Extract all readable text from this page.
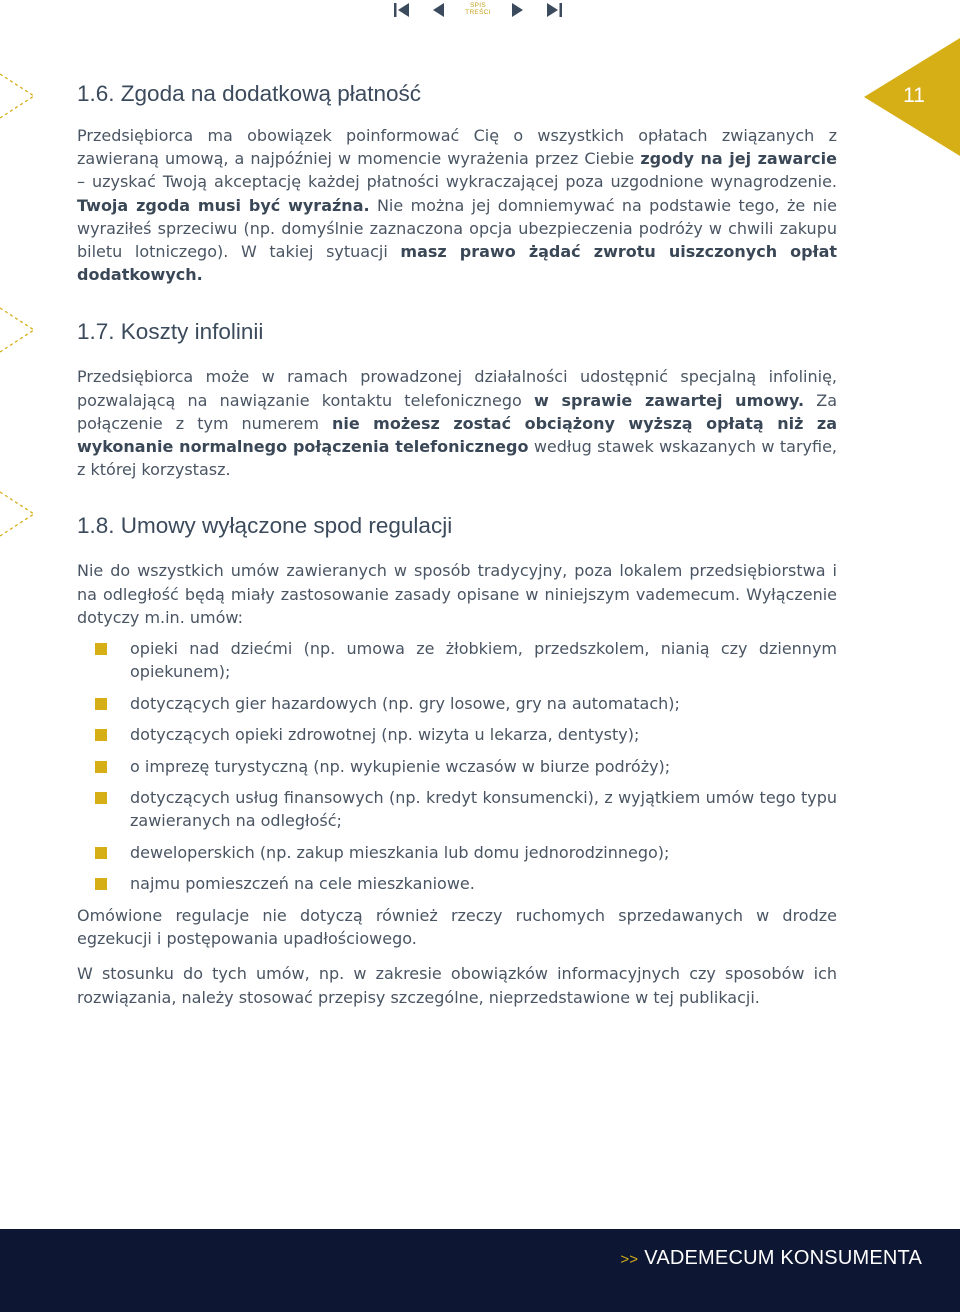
SPIS
TREŚCI
11
1.6. Zgoda na dodatkową płatność

Przedsiębiorca ma obowiązek poinformować Cię o wszystkich opłatach związanych z zawieraną umową, a najpóźniej w momencie wyrażenia przez Ciebie zgody na jej zawarcie – uzyskać Twoją akceptację każdej płatności wykraczającej poza uzgodnione wynagrodzenie. Twoja zgoda musi być wyraźna. Nie można jej domniemywać na podstawie tego, że nie wyraziłeś sprzeciwu (np. domyślnie zaznaczona opcja ubezpieczenia podróży w chwili zakupu biletu lotniczego). W takiej sytuacji masz prawo żądać zwrotu uiszczonych opłat dodatkowych.

1.7. Koszty infolinii

Przedsiębiorca może w ramach prowadzonej działalności udostępnić specjalną infolinię, pozwalającą na nawiązanie kontaktu telefonicznego w sprawie zawartej umowy. Za połączenie z tym numerem nie możesz zostać obciążony wyższą opłatą niż za wykonanie normalnego połączenia telefonicznego według stawek wskazanych w taryfie, z której korzystasz.

1.8. Umowy wyłączone spod regulacji

Nie do wszystkich umów zawieranych w sposób tradycyjny, poza lokalem przedsiębiorstwa i na odległość będą miały zastosowanie zasady opisane w niniejszym vademecum. Wyłączenie dotyczy m.in. umów:

opieki nad dziećmi (np. umowa ze żłobkiem, przedszkolem, nianią czy dziennym opiekunem);
dotyczących gier hazardowych (np. gry losowe, gry na automatach);
dotyczących opieki zdrowotnej (np. wizyta u lekarza, dentysty);
o imprezę turystyczną (np. wykupienie wczasów w biurze podróży);
dotyczących usług finansowych (np. kredyt konsumencki), z wyjątkiem umów tego typu zawieranych na odległość;
deweloperskich (np. zakup mieszkania lub domu jednorodzinnego);
najmu pomieszczeń na cele mieszkaniowe.

Omówione regulacje nie dotyczą również rzeczy ruchomych sprzedawanych w drodze egzekucji i postępowania upadłościowego.

W stosunku do tych umów, np. w zakresie obowiązków informacyjnych czy sposobów ich rozwiązania, należy stosować przepisy szczególne, nieprzedstawione w tej publikacji.

>> VADEMECUM KONSUMENTA
